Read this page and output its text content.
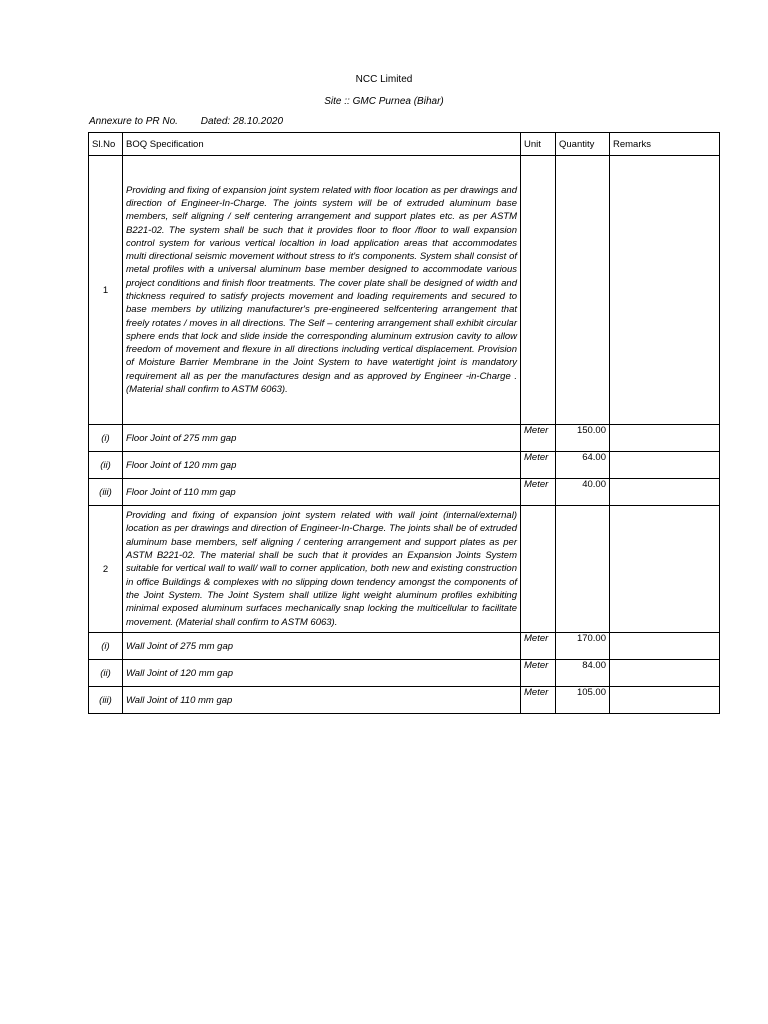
NCC Limited
Site :: GMC Purnea (Bihar)
Annexure to PR No. Dated: 28.10.2020
Sl.No	BOQ Specification	Unit	Quantity	Remarks
1	Providing and fixing of expansion joint system related with floor location as per drawings and direction of Engineer-In-Charge. The joints system will be of extruded aluminum base members, self aligning / self centering arrangement and support plates etc. as per ASTM B221-02. The system shall be such that it provides floor to floor /floor to wall expansion control system for various vertical localtion in load application areas that accommodates multi directional seismic movement without stress to it's components. System shall consist of metal profiles with a universal aluminum base member designed to accommodate various project conditions and finish floor treatments. The cover plate shall be designed of width and thickness required to satisfy projects movement and loading requirements and secured to base members by utilizing manufacturer's pre-engineered selfcentering arrangement that freely rotates / moves in all directions. The Self – centering arrangement shall exhibit circular sphere ends that lock and slide inside the corresponding aluminum extrusion cavity to allow freedom of movement and flexure in all directions including vertical displacement. Provision of Moisture Barrier Membrane in the Joint System to have watertight joint is mandatory requirement all as per the manufactures design and as approved by Engineer -in-Charge .(Material shall confirm to ASTM 6063).			
(i)	Floor Joint of 275 mm gap	Meter	150.00	
(ii)	Floor Joint of 120 mm gap	Meter	64.00	
(iii)	Floor Joint of 110 mm gap	Meter	40.00	
2	Providing and fixing of expansion joint system related with wall joint (internal/external) location as per drawings and direction of Engineer-In-Charge. The joints shall be of extruded aluminum base members, self aligning / centering arrangement and support plates as per ASTM B221-02. The material shall be such that it provides an Expansion Joints System suitable for vertical wall to wall/ wall to corner application, both new and existing construction in office Buildings & complexes with no slipping down tendency amongst the components of the Joint System. The Joint System shall utilize light weight aluminum profiles exhibiting minimal exposed aluminum surfaces mechanically snap locking the multicellular to facilitate movement. (Material shall confirm to ASTM 6063).			
(i)	Wall Joint of 275 mm gap	Meter	170.00	
(ii)	Wall Joint of 120 mm gap	Meter	84.00	
(iii)	Wall Joint of 110 mm gap	Meter	105.00	
